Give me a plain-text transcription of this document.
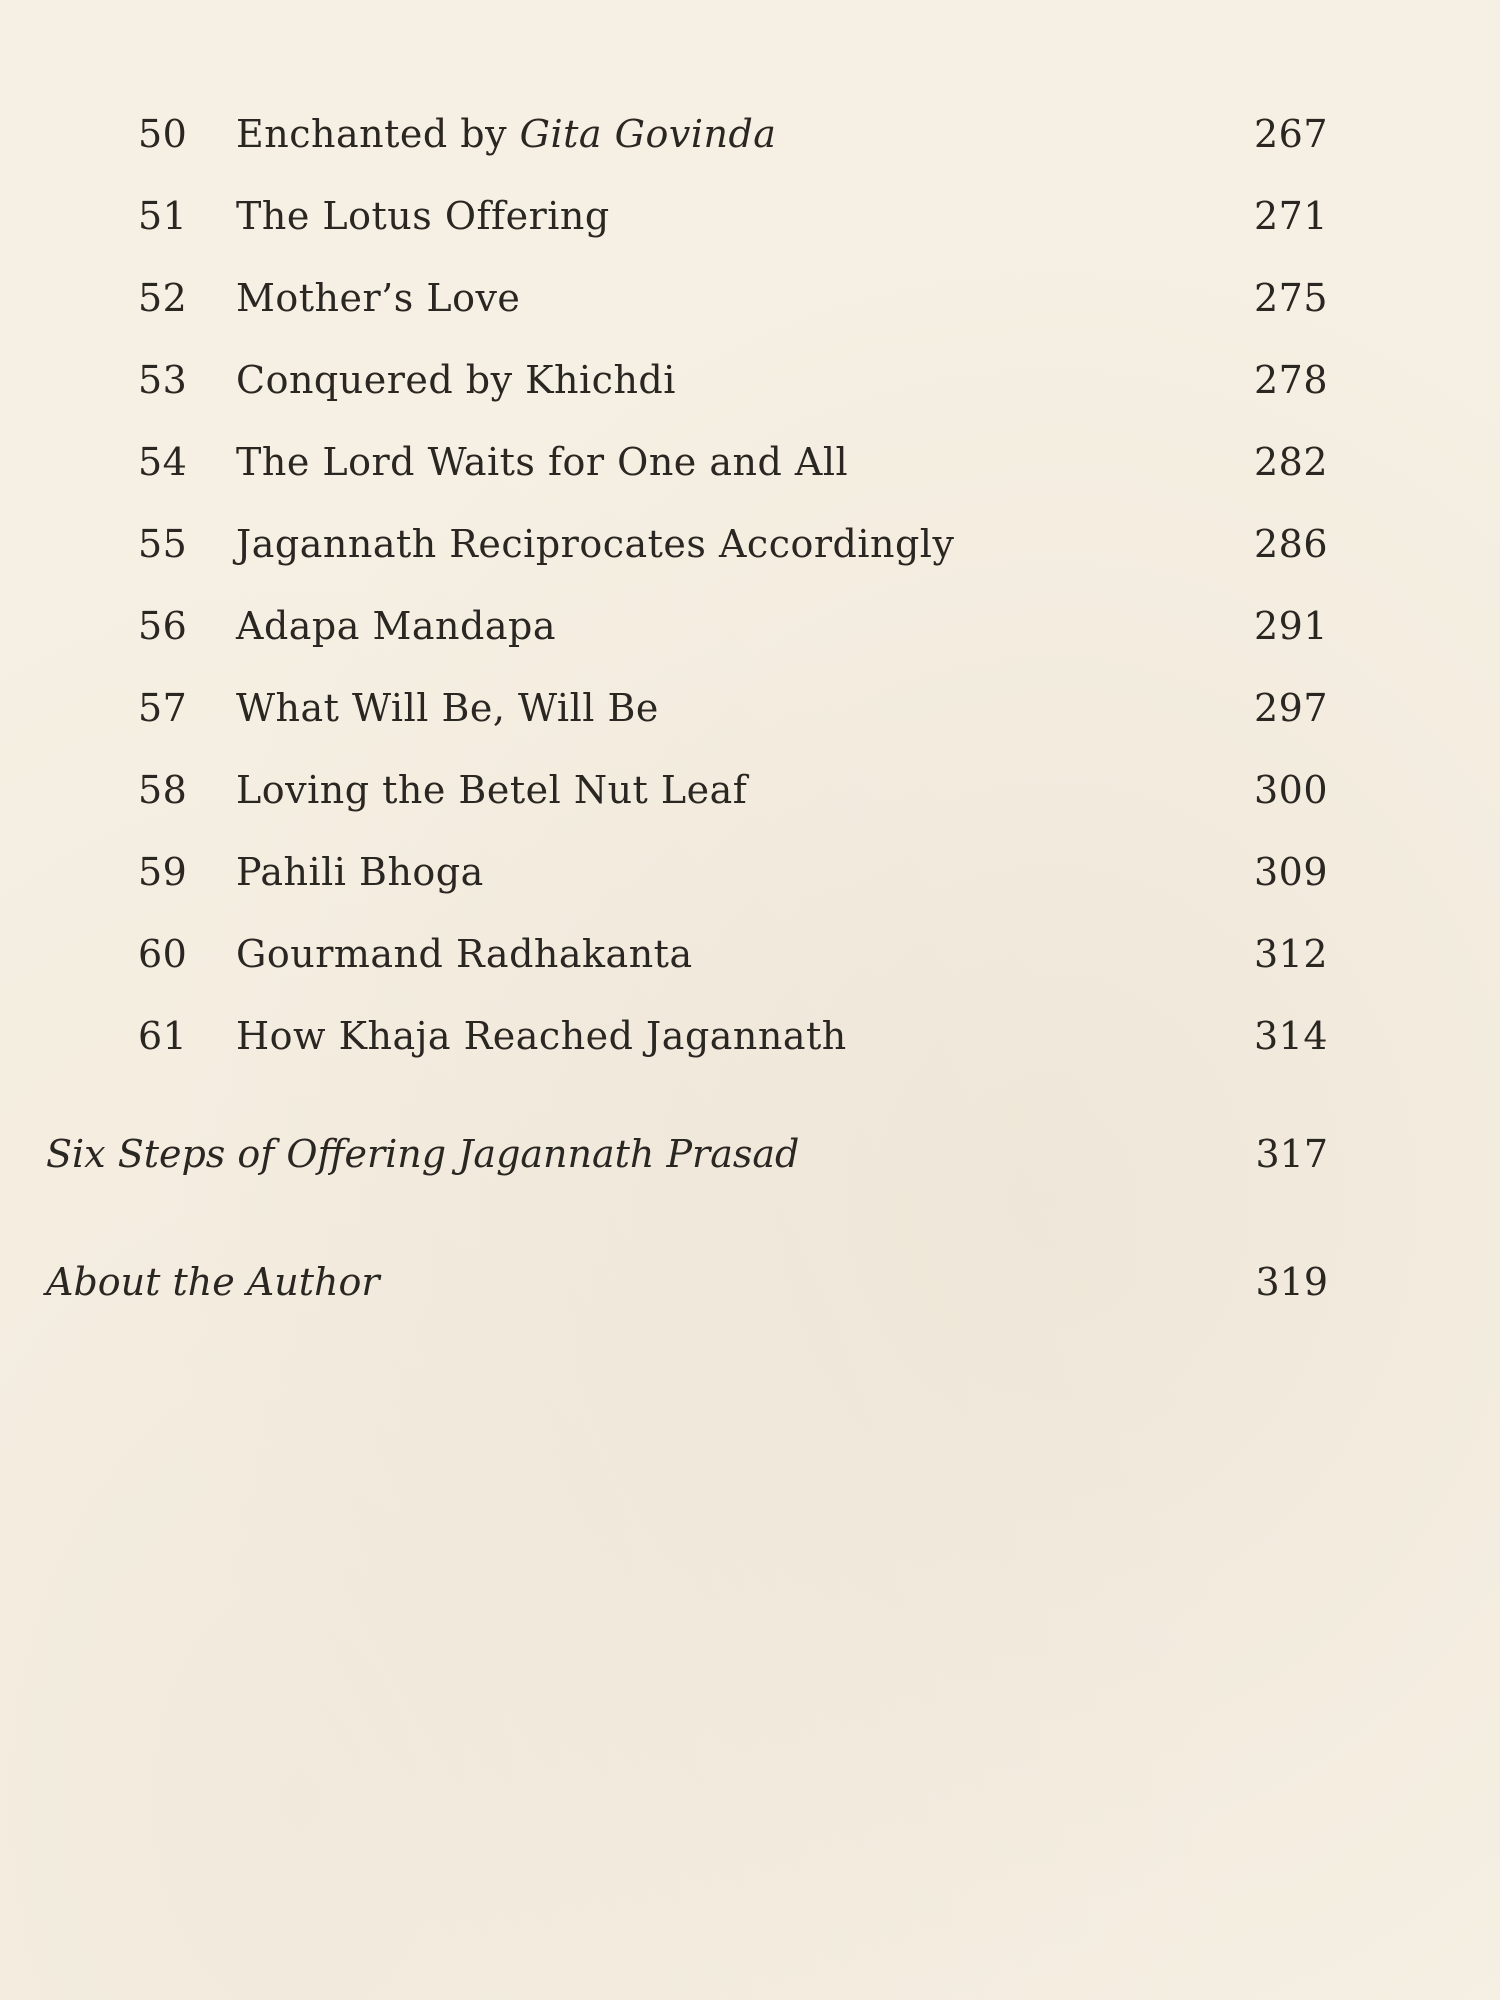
50 Enchanted by Gita Govinda	267
51 The Lotus Offering	271
52 Mother’s Love	275
53 Conquered by Khichdi	278
54 The Lord Waits for One and All	282
55 Jagannath Reciprocates Accordingly	286
56 Adapa Mandapa	291
57 What Will Be, Will Be	297
58 Loving the Betel Nut Leaf	300
59 Pahili Bhoga	309
60 Gourmand Radhakanta	312
61 How Khaja Reached Jagannath	314
Six Steps of Offering Jagannath Prasad	317
About the Author	319
